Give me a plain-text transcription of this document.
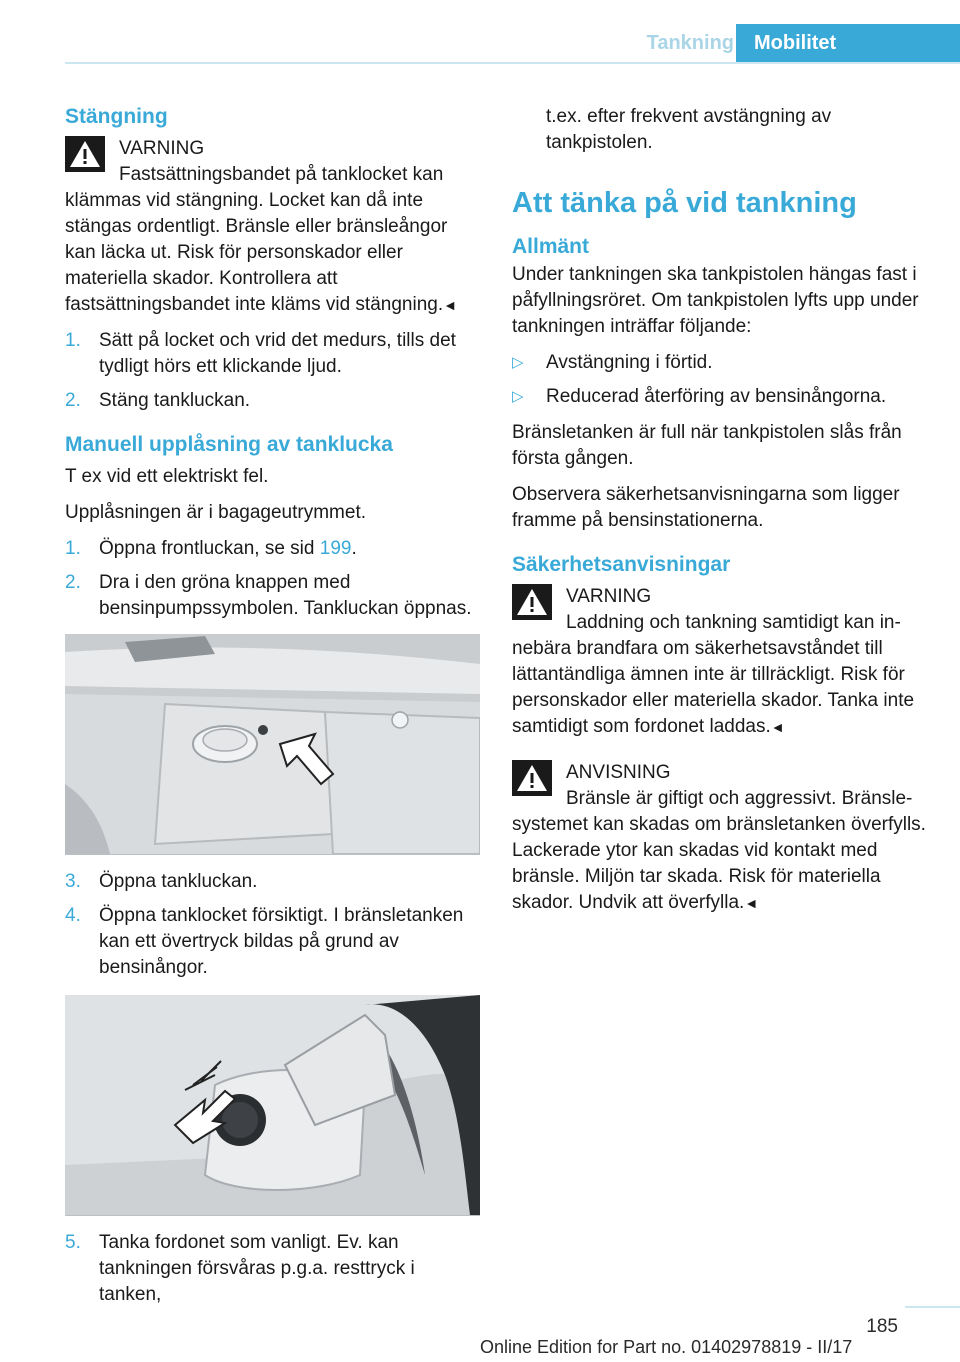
Tankning	Mobilitet
Stängning
VARNING
Fastsättningsbandet på tanklocket kan
klämmas vid stängning. Locket kan då inte stängas ordentligt. Bränsle eller bränsleångor kan läcka ut. Risk för personskador eller materiella skador. Kontrollera att fastsättningsbandet inte kläms vid stängning.◄
1. Sätt på locket och vrid det medurs, tills det tydligt hörs ett klickande ljud.
2. Stäng tankluckan.
Manuell upplåsning av tanklucka

T ex vid ett elektriskt fel.

Upplåsningen är i bagageutrymmet.

1. Öppna frontluckan, se sid 199.
2. Dra i den gröna knappen med bensinpumpssymbolen. Tankluckan öppnas.
3. Öppna tankluckan.
4. Öppna tanklocket försiktigt. I bränsletanken kan ett övertryck bildas på grund av bensinångor.
5. Tanka fordonet som vanligt. Ev. kan tankningen försvåras p.g.a. resttryck i tanken,

t.ex. efter frekvent avstängning av tankpistolen.

Att tänka på vid tankning
Allmänt

Under tankningen ska tankpistolen hängas fast i påfyllningsröret. Om tankpistolen lyfts upp under tankningen inträffar följande:

▷	Avstängning i förtid.
▷	Reducerad återföring av bensinångorna.

Bränsletanken är full när tankpistolen slås från första gången.

Observera säkerhetsanvisningarna som ligger framme på bensinstationerna.

Säkerhetsanvisningar
VARNING
Laddning och tankning samtidigt kan in-
nebära brandfara om säkerhetsavståndet till lättantändliga ämnen inte är tillräckligt. Risk för personskador eller materiella skador. Tanka inte samtidigt som fordonet laddas.◄
ANVISNING
Bränsle är giftigt och aggressivt. Bränsle-
systemet kan skadas om bränsletanken överfylls. Lackerade ytor kan skadas vid kontakt med bränsle. Miljön tar skada. Risk för materiella skador. Undvik att överfylla.◄
185
Online Edition for Part no. 01402978819 - II/17
